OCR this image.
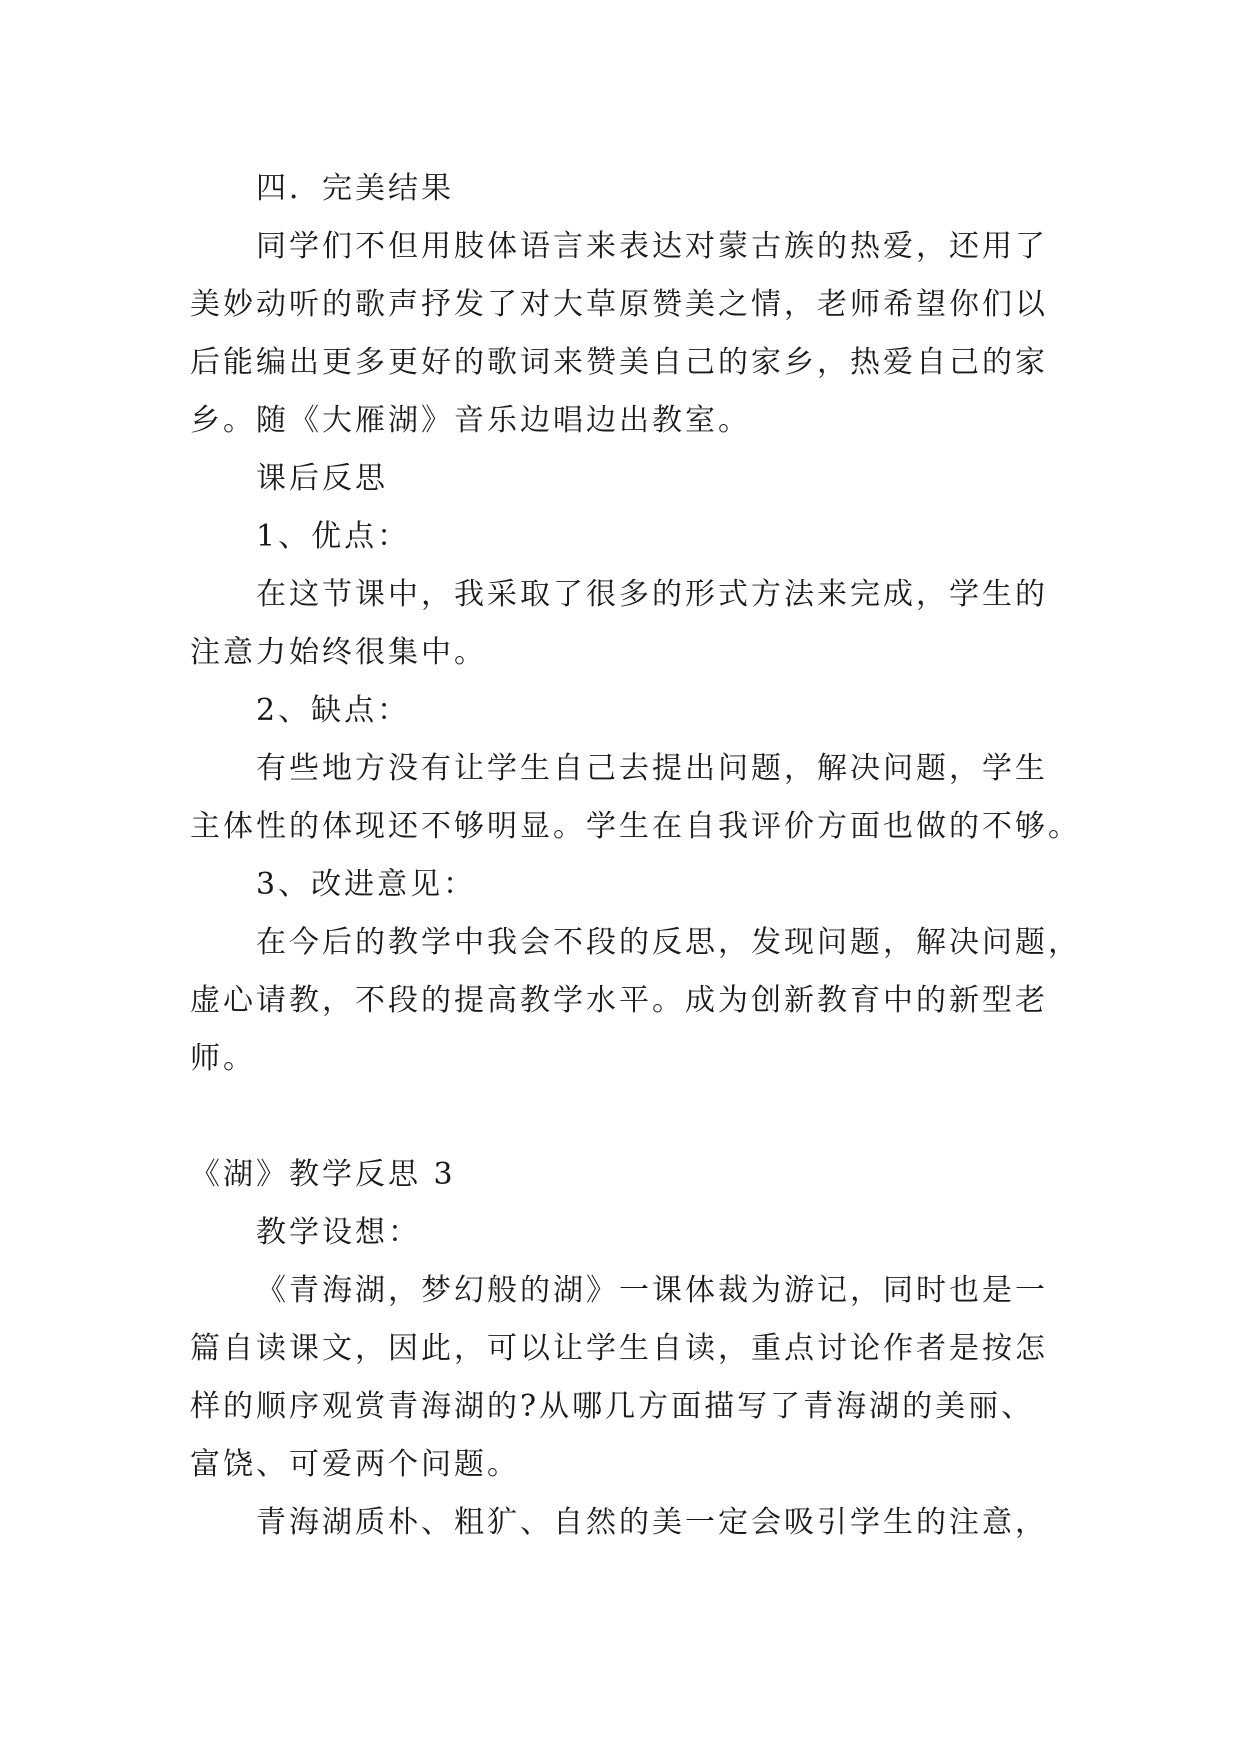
四．完美结果

同学们不但用肢体语言来表达对蒙古族的热爱，还用了

美妙动听的歌声抒发了对大草原赞美之情，老师希望你们以

后能编出更多更好的歌词来赞美自己的家乡，热爱自己的家

乡。随《大雁湖》音乐边唱边出教室。

课后反思

1、优点：

在这节课中，我采取了很多的形式方法来完成，学生的

注意力始终很集中。

2、缺点：

有些地方没有让学生自己去提出问题，解决问题，学生

主体性的体现还不够明显。学生在自我评价方面也做的不够。

3、改进意见：

在今后的教学中我会不段的反思，发现问题，解决问题，

虚心请教，不段的提高教学水平。成为创新教育中的新型老

师。

《湖》教学反思 3

教学设想：

《青海湖，梦幻般的湖》一课体裁为游记，同时也是一

篇自读课文，因此，可以让学生自读，重点讨论作者是按怎

样的顺序观赏青海湖的?从哪几方面描写了青海湖的美丽、

富饶、可爱两个问题。

青海湖质朴、粗犷、自然的美一定会吸引学生的注意，
